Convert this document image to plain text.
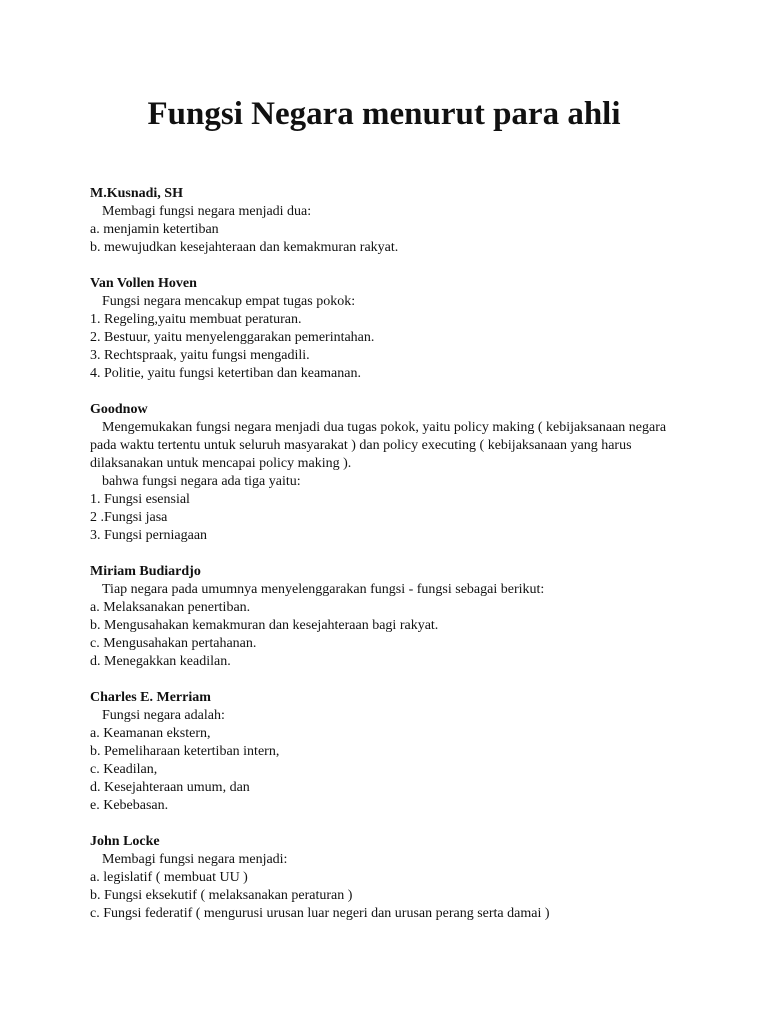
Fungsi Negara menurut para ahli
M.Kusnadi, SH
Membagi fungsi negara menjadi dua:
a. menjamin ketertiban
b. mewujudkan kesejahteraan dan kemakmuran rakyat.
Van Vollen Hoven
Fungsi negara mencakup empat tugas pokok:
1. Regeling,yaitu membuat peraturan.
2. Bestuur, yaitu menyelenggarakan pemerintahan.
3. Rechtspraak, yaitu fungsi mengadili.
4. Politie, yaitu fungsi ketertiban dan keamanan.
Goodnow
Mengemukakan fungsi negara menjadi dua tugas pokok, yaitu policy making ( kebijaksanaan negara pada waktu tertentu untuk seluruh masyarakat ) dan policy executing ( kebijaksanaan yang harus dilaksanakan untuk mencapai policy making ).
bahwa fungsi negara ada tiga yaitu:
1. Fungsi esensial
2 .Fungsi jasa
3. Fungsi perniagaan
Miriam Budiardjo
Tiap negara pada umumnya menyelenggarakan fungsi - fungsi sebagai berikut:
a. Melaksanakan penertiban.
b. Mengusahakan kemakmuran dan kesejahteraan bagi rakyat.
c. Mengusahakan pertahanan.
d. Menegakkan keadilan.
Charles E. Merriam
Fungsi negara adalah:
a. Keamanan ekstern,
b. Pemeliharaan ketertiban intern,
c. Keadilan,
d. Kesejahteraan umum, dan
e. Kebebasan.
John Locke
Membagi fungsi negara menjadi:
a. legislatif ( membuat UU )
b. Fungsi eksekutif ( melaksanakan peraturan )
c. Fungsi federatif ( mengurusi urusan luar negeri dan urusan perang serta damai )
